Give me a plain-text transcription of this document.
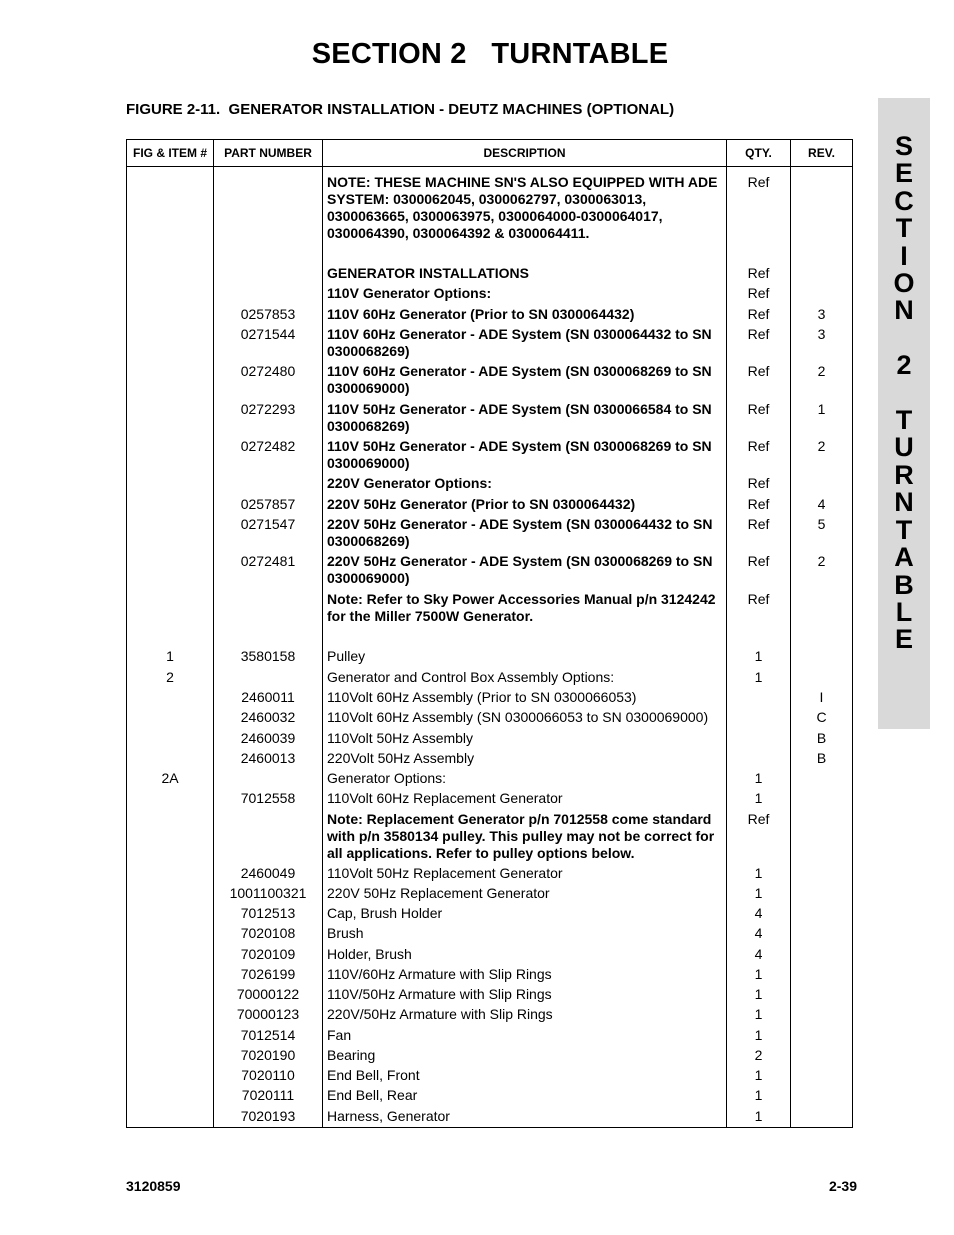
SECTION 2   TURNTABLE
FIGURE 2-11.  GENERATOR INSTALLATION - DEUTZ MACHINES (OPTIONAL)
FIG & ITEM #	PART NUMBER	DESCRIPTION	QTY.	REV.
		NOTE: THESE MACHINE SN'S ALSO EQUIPPED WITH ADE SYSTEM: 0300062045, 0300062797, 0300063013, 0300063665, 0300063975, 0300064000-0300064017, 0300064390, 0300064392 & 0300064411.	Ref	
		GENERATOR INSTALLATIONS	Ref	
		110V Generator Options:	Ref	
	0257853	110V 60Hz Generator (Prior to SN 0300064432)	Ref	3
	0271544	110V 60Hz Generator - ADE System (SN 0300064432 to SN 0300068269)	Ref	3
	0272480	110V 60Hz Generator - ADE System (SN 0300068269 to SN 0300069000)	Ref	2
	0272293	110V 50Hz Generator - ADE System (SN 0300066584 to SN 0300068269)	Ref	1
	0272482	110V 50Hz Generator - ADE System (SN 0300068269 to SN 0300069000)	Ref	2
		220V Generator Options:	Ref	
	0257857	220V 50Hz Generator (Prior to SN 0300064432)	Ref	4
	0271547	220V 50Hz Generator - ADE System (SN 0300064432 to SN 0300068269)	Ref	5
	0272481	220V 50Hz Generator - ADE System (SN 0300068269 to SN 0300069000)	Ref	2
		Note: Refer to Sky Power Accessories Manual p/n 3124242 for the Miller 7500W Generator.	Ref	
1	3580158	Pulley	1	
2		Generator and Control Box Assembly Options:	1	
	2460011	110Volt 60Hz Assembly (Prior to SN 0300066053)		I
	2460032	110Volt 60Hz Assembly (SN 0300066053 to SN 0300069000)		C
	2460039	110Volt 50Hz Assembly		B
	2460013	220Volt 50Hz Assembly		B
2A		Generator Options:	1	
	7012558	110Volt 60Hz Replacement Generator	1	
		Note: Replacement Generator p/n 7012558 come standard with p/n 3580134 pulley. This pulley may not be correct for all applications. Refer to pulley options below.	Ref	
	2460049	110Volt 50Hz Replacement Generator	1	
	1001100321	220V 50Hz Replacement Generator	1	
	7012513	Cap, Brush Holder	4	
	7020108	Brush	4	
	7020109	Holder, Brush	4	
	7026199	110V/60Hz Armature with Slip Rings	1	
	70000122	110V/50Hz Armature with Slip Rings	1	
	70000123	220V/50Hz Armature with Slip Rings	1	
	7012514	Fan	1	
	7020190	Bearing	2	
	7020110	End Bell, Front	1	
	7020111	End Bell, Rear	1	
	7020193	Harness, Generator	1	
S
E
C
T
I
O
N

2

T
U
R
N
T
A
B
L
E
3120859	2-39
